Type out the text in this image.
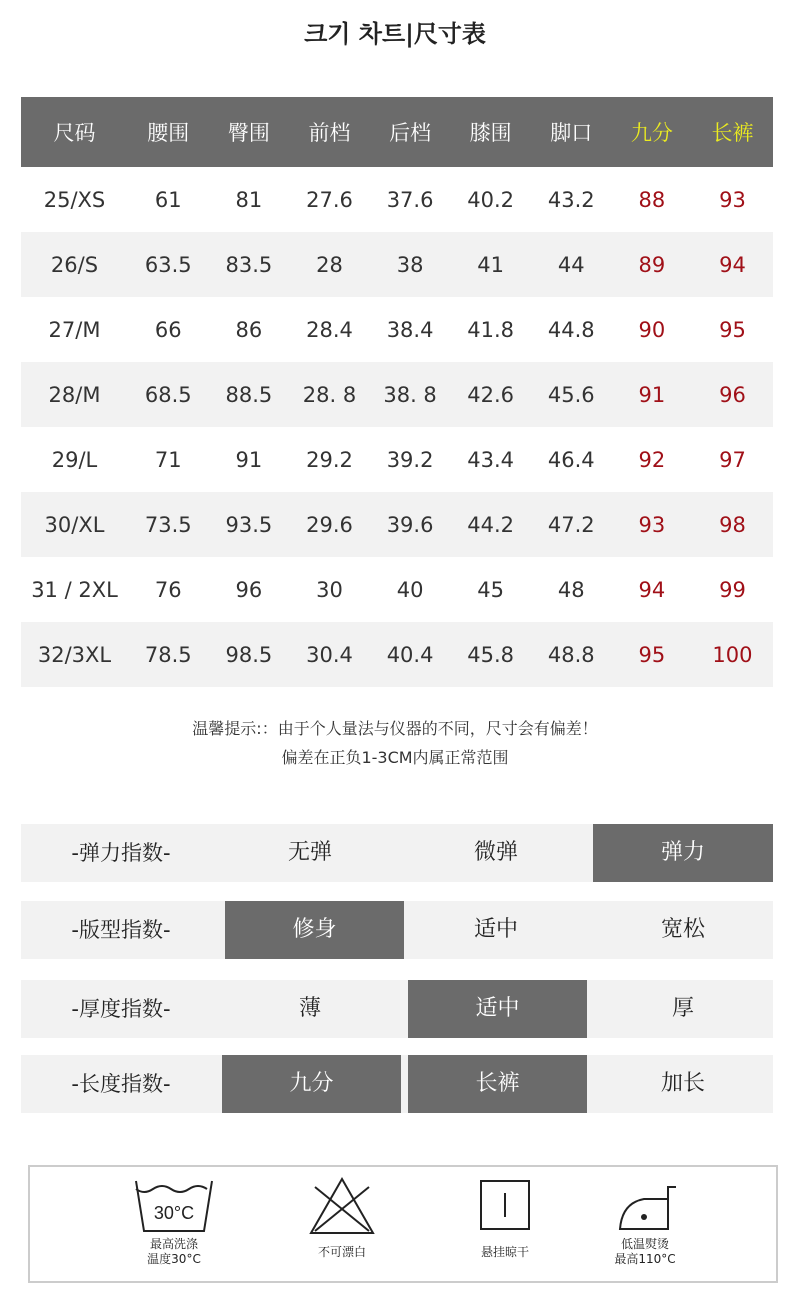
크기 차트|尺寸表
尺码	腰围	臀围	前档	后档	膝围	脚口	九分	长裤
25/XS	61	81	27.6	37.6	40.2	43.2	88	93
26/S	63.5	83.5	28	38	41	44	89	94
27/M	66	86	28.4	38.4	41.8	44.8	90	95
28/M	68.5	88.5	28. 8	38. 8	42.6	45.6	91	96
29/L	71	91	29.2	39.2	43.4	46.4	92	97
30/XL	73.5	93.5	29.6	39.6	44.2	47.2	93	98
31 / 2XL	76	96	30	40	45	48	94	99
32/3XL	78.5	98.5	30.4	40.4	45.8	48.8	95	100
温馨提示:：由于个人量法与仪器的不同，尺寸会有偏差！
偏差在正负1-3CM内属正常范围
-弹力指数-	无弹	微弹	弹力
-版型指数-	修身	适中	宽松
-厚度指数-	薄	适中	厚
-长度指数-	九分	长裤	加长
30°C
最高洗涤
温度30°C	不可漂白	悬挂晾干
低温熨烫
最高110°C
